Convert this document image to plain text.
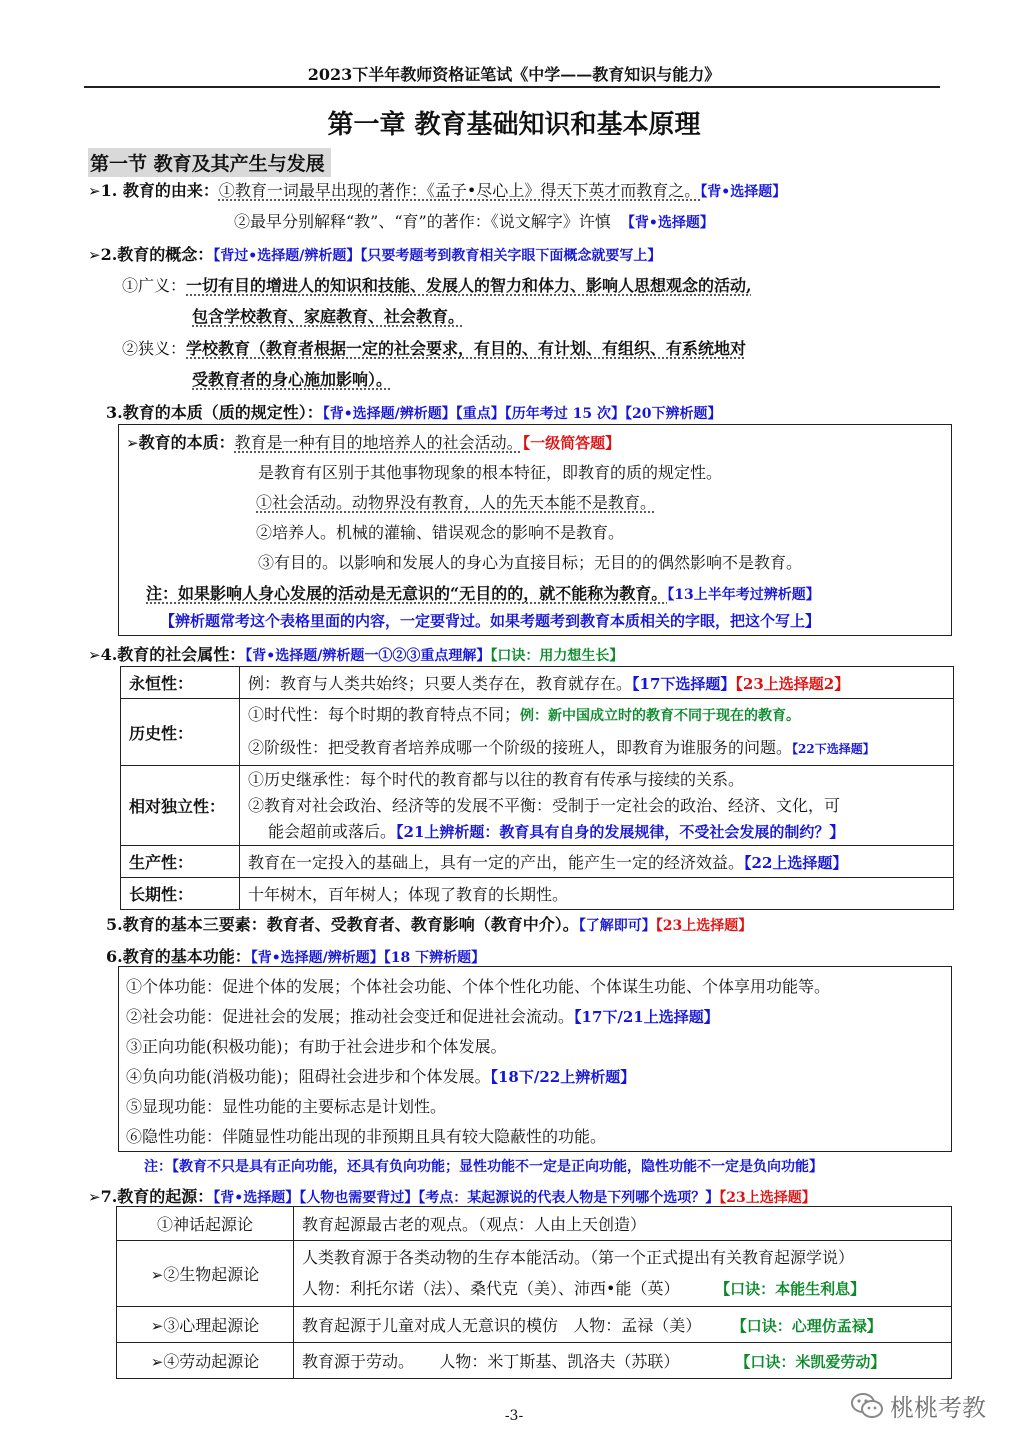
2023下半年教师资格证笔试《中学——教育知识与能力》
第一章 教育基础知识和基本原理
第一节 教育及其产生与发展
➢1. 教育的由来：①教育一词最早出现的著作：《孟子•尽心上》得天下英才而教育之。【背•选择题】
②最早分别解释“教”、“育”的著作：《说文解字》许慎 【背•选择题】
➢2.教育的概念：【背过•选择题/辨析题】【只要考题考到教育相关字眼下面概念就要写上】
①广义：一切有目的增进人的知识和技能、发展人的智力和体力、影响人思想观念的活动,
包含学校教育、家庭教育、社会教育。
②狭义：学校教育（教育者根据一定的社会要求，有目的、有计划、有组织、有系统地对
受教育者的身心施加影响）。
3.教育的本质（质的规定性）：【背•选择题/辨析题】【重点】【历年考过 15 次】【20下辨析题】
➢教育的本质：教育是一种有目的地培养人的社会活动。【一级简答题】
是教育有区别于其他事物现象的根本特征，即教育的质的规定性。
①社会活动。动物界没有教育，人的先天本能不是教育。
②培养人。机械的灌输、错误观念的影响不是教育。
③有目的。以影响和发展人的身心为直接目标；无目的的偶然影响不是教育。
注：如果影响人身心发展的活动是无意识的“无目的的，就不能称为教育。【13上半年考过辨析题】
【辨析题常考这个表格里面的内容，一定要背过。如果考题考到教育本质相关的字眼，把这个写上】
➢4.教育的社会属性：【背•选择题/辨析题一①②③重点理解】【口诀：用力想生长】
永恒性：	例：教育与人类共始终；只要人类存在，教育就存在。【17下选择题】【23上选择题2】
历史性：	①时代性：每个时期的教育特点不同；例：新中国成立时的教育不同于现在的教育。
②阶级性：把受教育者培养成哪一个阶级的接班人，即教育为谁服务的问题。【22下选择题】

相对独立性：	①历史继承性：每个时代的教育都与以往的教育有传承与接续的关系。
②教育对社会政治、经济等的发展不平衡：受制于一定社会的政治、经济、文化，可
能会超前或落后。【21上辨析题：教育具有自身的发展规律，不受社会发展的制约？】

生产性：	教育在一定投入的基础上，具有一定的产出，能产生一定的经济效益。【22上选择题】
长期性：	十年树木，百年树人；体现了教育的长期性。
5.教育的基本三要素：教育者、受教育者、教育影响（教育中介）。【了解即可】【23上选择题】
6.教育的基本功能：【背•选择题/辨析题】【18 下辨析题】
①个体功能：促进个体的发展；个体社会功能、个体个性化功能、个体谋生功能、个体享用功能等。
②社会功能：促进社会的发展；推动社会变迁和促进社会流动。【17下/21上选择题】
③正向功能(积极功能)；有助于社会进步和个体发展。
④负向功能(消极功能)；阻碍社会进步和个体发展。【18下/22上辨析题】
⑤显现功能：显性功能的主要标志是计划性。
⑥隐性功能：伴随显性功能出现的非预期且具有较大隐蔽性的功能。
注：【教育不只是具有正向功能，还具有负向功能；显性功能不一定是正向功能，隐性功能不一定是负向功能】
➢7.教育的起源：【背•选择题】【人物也需要背过】【考点：某起源说的代表人物是下列哪个选项？】【23上选择题】
①神话起源论	教育起源最古老的观点。（观点：人由上天创造）
➢②生物起源论	人类教育源于各类动物的生存本能活动。（第一个正式提出有关教育起源学说）
人物：利托尔诺（法）、桑代克（美）、沛西•能（英） 【口诀：本能生利息】

➢③心理起源论	教育起源于儿童对成人无意识的模仿   人物：孟禄（美） 【口诀：心理仿孟禄】
➢④劳动起源论	教育源于劳动。     人物：米丁斯基、凯洛夫（苏联） 【口诀：米凯爱劳动】
-3-	桃桃考教
